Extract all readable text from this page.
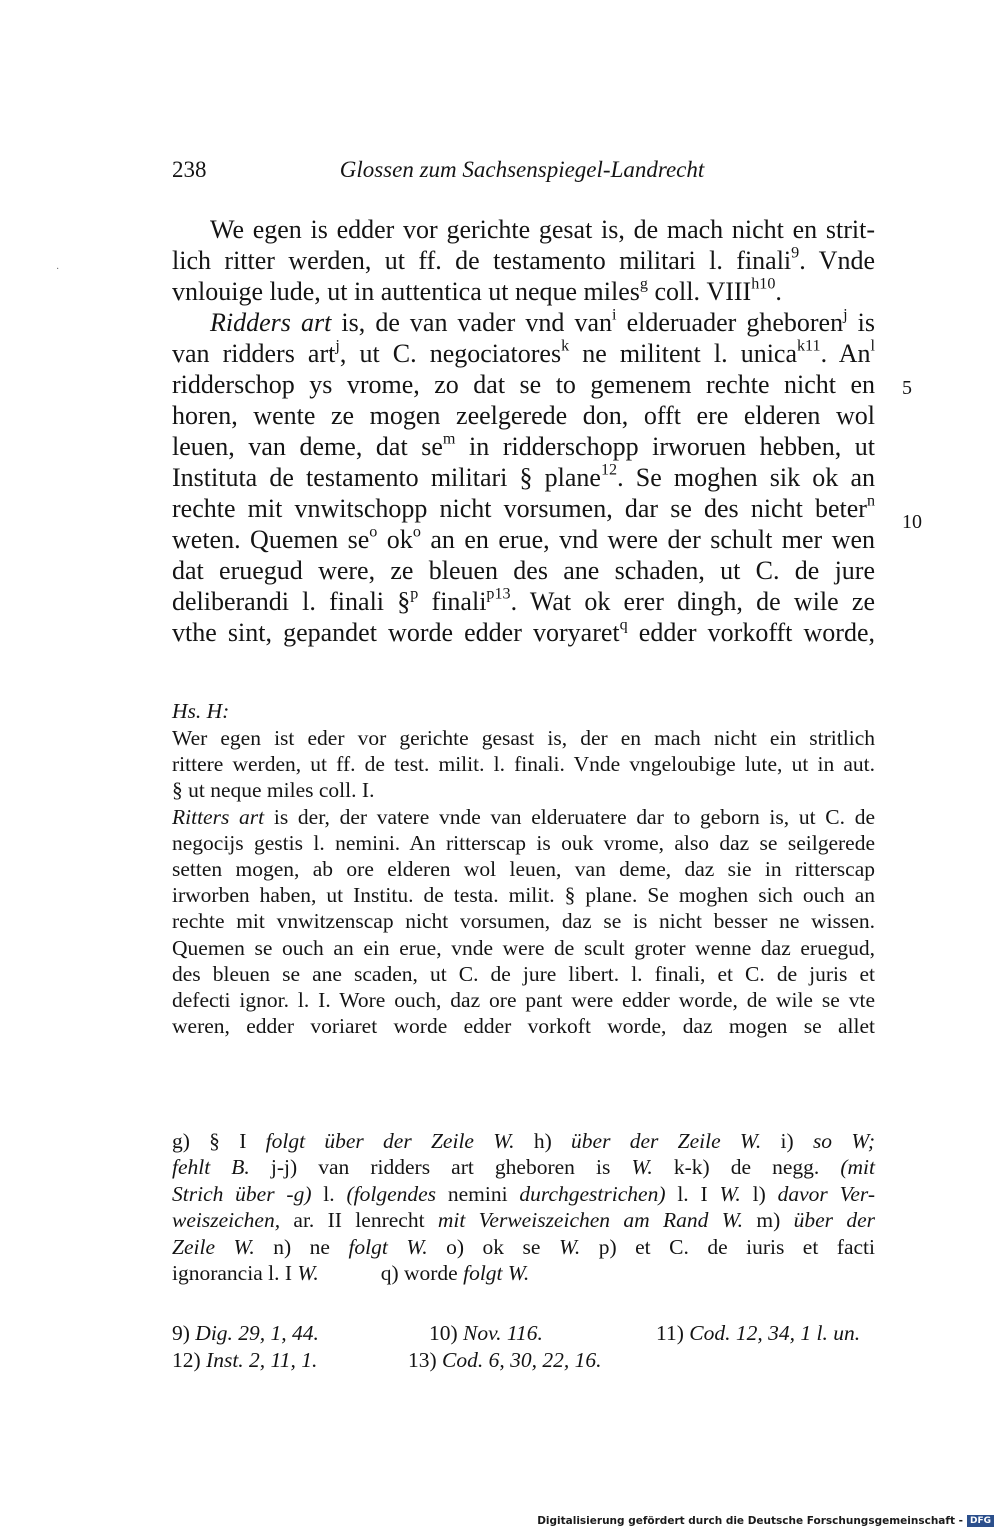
·
238	Glossen zum Sachsenspiegel-Landrecht
We egen is edder vor gerichte gesat is, de mach nicht en strit-
lich ritter werden, ut ff. de testamento militari l. finali$^9$. Vnde
vnlouige lude, ut in auttentica ut neque miles$^g$ coll. $VIII^{h10}$.
Ridders art is, de van vader vnd van$^i$ elderuader gheboren$^j$ is
van ridders art$^j$, ut C. negociatores$^k$ ne militent l. unica$^{k11}$. An$^l$
ridderschop ys vrome, zo dat se to gemenem rechte nicht en
horen, wente ze mogen zeelgerede don, offt ere elderen wol
leuen, van deme, dat $se^m$ in ridderschopp irworuen hebben, ut
Instituta de testamento militari § plane$^{12}$. Se moghen sik ok an
rechte mit vnwitschopp nicht vorsumen, dar se des nicht beter$^n$
weten. Quemen $se^o$ $ok^o$ an en erue, vnd were der schult mer wen
dat eruegud were, ze bleuen des ane schaden, ut C. de jure
deliberandi l. finali §$^p$ finali$^{p13}$. Wat ok erer dingh, de wile ze
vthe sint, gepandet worde edder voryaret$^q$ edder vorkofft worde,
5
10
Hs. H:
Wer egen ist eder vor gerichte gesast is, der en mach nicht ein stritlich
rittere werden, ut ff. de test. milit. l. finali. Vnde vngeloubige lute, ut in aut.
§ ut neque miles coll. I.
Ritters art is der, der vatere vnde van elderuatere dar to geborn is, ut C. de
negocijs gestis l. nemini. An ritterscap is ouk vrome, also daz se seilgerede
setten mogen, ab ore elderen wol leuen, van deme, daz sie in ritterscap
irworben haben, ut Institu. de testa. milit. § plane. Se moghen sich ouch an
rechte mit vnwitzenscap nicht vorsumen, daz se is nicht besser ne wissen.
Quemen se ouch an ein erue, vnde were de scult groter wenne daz eruegud,
des bleuen se ane scaden, ut C. de jure libert. l. finali, et C. de juris et
defecti ignor. l. I. Wore ouch, daz ore pant were edder worde, de wile se vte
weren, edder voriaret worde edder vorkoft worde, daz mogen se allet
g) § I folgt über der Zeile W. h) über der Zeile W. i) so W;
fehlt B. j-j) van ridders art gheboren is W. k-k) de negg. (mit
Strich über -g) l. (folgendes nemini durchgestrichen) l. I W. l) davor Ver-
weiszeichen, ar. II lenrecht mit Verweiszeichen am Rand W. m) über der
Zeile W. n) ne folgt W. o) ok se W. p) et C. de iuris et facti
ignorancia l. I W.	q) worde folgt W.
9) Dig. 29, 1, 44.	10) Nov. 116.	11) Cod. 12, 34, 1 l. un.
12) Inst. 2, 11, 1.	13) Cod. 6, 30, 22, 16.
Digitalisierung gefördert durch die Deutsche Forschungsgemeinschaft - DFG
